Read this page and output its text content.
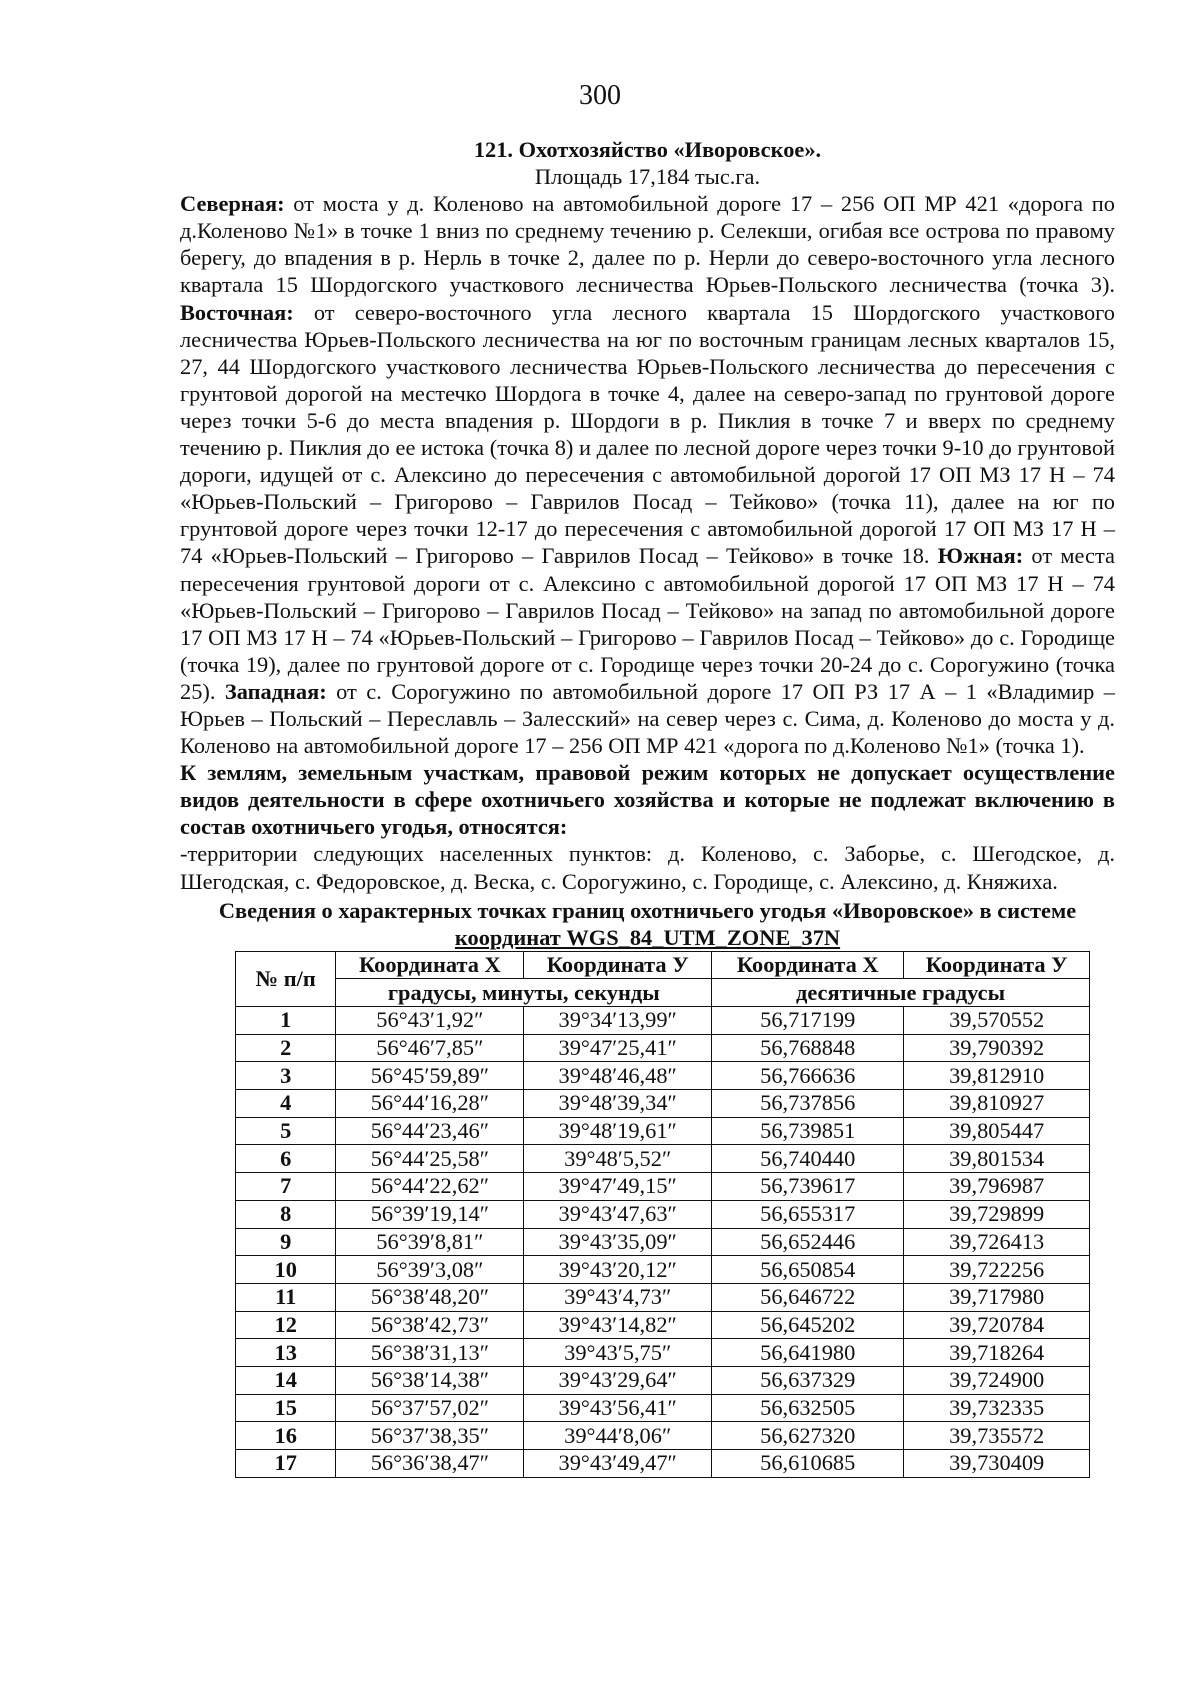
300
121. Охотхозяйство «Иворовское».
Площадь 17,184 тыс.га.

Северная: от моста у д. Коленово на автомобильной дороге 17 – 256 ОП МР 421 «дорога по д.Коленово №1» в точке 1 вниз по среднему течению р. Селекши, огибая все острова по правому берегу, до впадения в р. Нерль в точке 2, далее по р. Нерли до северо-восточного угла лесного квартала 15 Шордогского участкового лесничества Юрьев-Польского лесничества (точка 3). Восточная: от северо-восточного угла лесного квартала 15 Шордогского участкового лесничества Юрьев-Польского лесничества на юг по восточным границам лесных кварталов 15, 27, 44 Шордогского участкового лесничества Юрьев-Польского лесничества до пересечения с грунтовой дорогой на местечко Шордога в точке 4, далее на северо-запад по грунтовой дороге через точки 5-6 до места впадения р. Шордоги в р. Пиклия в точке 7 и вверх по среднему течению р. Пиклия до ее истока (точка 8) и далее по лесной дороге через точки 9-10 до грунтовой дороги, идущей от с. Алексино до пересечения с автомобильной дорогой 17 ОП МЗ 17 Н – 74 «Юрьев-Польский – Григорово – Гаврилов Посад – Тейково» (точка 11), далее на юг по грунтовой дороге через точки 12-17 до пересечения с автомобильной дорогой 17 ОП МЗ 17 Н – 74 «Юрьев-Польский – Григорово – Гаврилов Посад – Тейково» в точке 18. Южная: от места пересечения грунтовой дороги от с. Алексино с автомобильной дорогой 17 ОП МЗ 17 Н – 74 «Юрьев-Польский – Григорово – Гаврилов Посад – Тейково» на запад по автомобильной дороге 17 ОП МЗ 17 Н – 74 «Юрьев-Польский – Григорово – Гаврилов Посад – Тейково» до с. Городище (точка 19), далее по грунтовой дороге от с. Городище через точки 20-24 до с. Сорогужино (точка 25). Западная: от с. Сорогужино по автомобильной дороге 17 ОП РЗ 17 А – 1 «Владимир – Юрьев – Польский – Переславль – Залесский» на север через с. Сима, д. Коленово до моста у д. Коленово на автомобильной дороге 17 – 256 ОП МР 421 «дорога по д.Коленово №1» (точка 1).

К землям, земельным участкам, правовой режим которых не допускает осуществление видов деятельности в сфере охотничьего хозяйства и которые не подлежат включению в состав охотничьего угодья, относятся:

-территории следующих населенных пунктов: д. Коленово, с. Заборье, с. Шегодское, д. Шегодская, с. Федоровское, д. Веска, с. Сорогужино, с. Городище, с. Алексино, д. Княжиха.

Сведения о характерных точках границ охотничьего угодья «Иворовское» в системе
координат WGS_84_UTM_ZONE_37N
№ п/п	Координата X	Координата У	Координата X	Координата У
	градусы, минуты, секунды		десятичные градусы	
1	56°43′1,92″	39°34′13,99″	56,717199	39,570552
2	56°46′7,85″	39°47′25,41″	56,768848	39,790392
3	56°45′59,89″	39°48′46,48″	56,766636	39,812910
4	56°44′16,28″	39°48′39,34″	56,737856	39,810927
5	56°44′23,46″	39°48′19,61″	56,739851	39,805447
6	56°44′25,58″	39°48′5,52″	56,740440	39,801534
7	56°44′22,62″	39°47′49,15″	56,739617	39,796987
8	56°39′19,14″	39°43′47,63″	56,655317	39,729899
9	56°39′8,81″	39°43′35,09″	56,652446	39,726413
10	56°39′3,08″	39°43′20,12″	56,650854	39,722256
11	56°38′48,20″	39°43′4,73″	56,646722	39,717980
12	56°38′42,73″	39°43′14,82″	56,645202	39,720784
13	56°38′31,13″	39°43′5,75″	56,641980	39,718264
14	56°38′14,38″	39°43′29,64″	56,637329	39,724900
15	56°37′57,02″	39°43′56,41″	56,632505	39,732335
16	56°37′38,35″	39°44′8,06″	56,627320	39,735572
17	56°36′38,47″	39°43′49,47″	56,610685	39,730409
